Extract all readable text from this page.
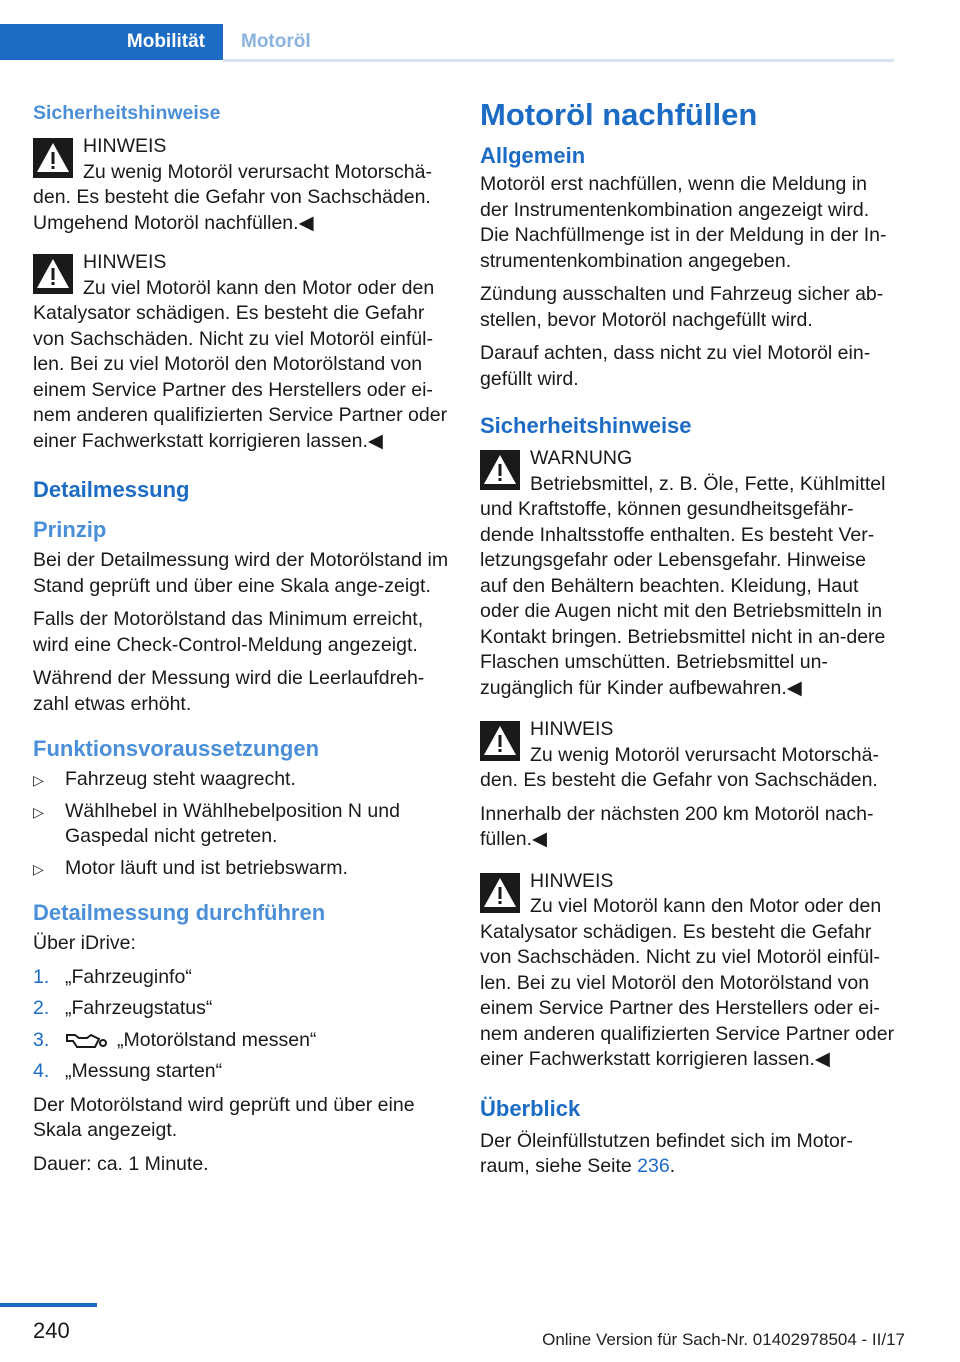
Mobilität	Motoröl
Sicherheitshinweise
HINWEIS
Zu wenig Motoröl verursacht Motorschä-den. Es besteht die Gefahr von Sachschäden. Umgehend Motoröl nachfüllen.◀
HINWEIS
Zu viel Motoröl kann den Motor oder den Katalysator schädigen. Es besteht die Gefahr von Sachschäden. Nicht zu viel Motoröl einfül-len. Bei zu viel Motoröl den Motorölstand von einem Service Partner des Herstellers oder ei-nem anderen qualifizierten Service Partner oder einer Fachwerkstatt korrigieren lassen.◀
Detailmessung
Prinzip

Bei der Detailmessung wird der Motorölstand im Stand geprüft und über eine Skala ange-zeigt.

Falls der Motorölstand das Minimum erreicht, wird eine Check-Control-Meldung angezeigt.

Während der Messung wird die Leerlaufdreh-zahl etwas erhöht.

Funktionsvoraussetzungen
▷ Fahrzeug steht waagrecht.
▷ Wählhebel in Wählhebelposition N und Gaspedal nicht getreten.
▷ Motor läuft und ist betriebswarm.
Detailmessung durchführen

Über iDrive:

1. „Fahrzeuginfo“
2. „Fahrzeugstatus“
3.	„Motorölstand messen“
4. „Messung starten“

Der Motorölstand wird geprüft und über eine Skala angezeigt.

Dauer: ca. 1 Minute.

Motoröl nachfüllen
Allgemein

Motoröl erst nachfüllen, wenn die Meldung in der Instrumentenkombination angezeigt wird. Die Nachfüllmenge ist in der Meldung in der In-strumentenkombination angegeben.

Zündung ausschalten und Fahrzeug sicher ab-stellen, bevor Motoröl nachgefüllt wird.

Darauf achten, dass nicht zu viel Motoröl ein-gefüllt wird.

Sicherheitshinweise
WARNUNG
Betriebsmittel, z. B. Öle, Fette, Kühlmittel und Kraftstoffe, können gesundheitsgefähr-dende Inhaltsstoffe enthalten. Es besteht Ver-letzungsgefahr oder Lebensgefahr. Hinweise auf den Behältern beachten. Kleidung, Haut oder die Augen nicht mit den Betriebsmitteln in Kontakt bringen. Betriebsmittel nicht in an-dere Flaschen umschütten. Betriebsmittel un-zugänglich für Kinder aufbewahren.◀
HINWEIS
Zu wenig Motoröl verursacht Motorschä-den. Es besteht die Gefahr von Sachschäden.

Innerhalb der nächsten 200 km Motoröl nach-füllen.◀

HINWEIS
Zu viel Motoröl kann den Motor oder den Katalysator schädigen. Es besteht die Gefahr von Sachschäden. Nicht zu viel Motoröl einfül-len. Bei zu viel Motoröl den Motorölstand von einem Service Partner des Herstellers oder ei-nem anderen qualifizierten Service Partner oder einer Fachwerkstatt korrigieren lassen.◀
Überblick

Der Öleinfüllstutzen befindet sich im Motor-raum, siehe Seite 236.

240	Online Version für Sach-Nr. 01402978504 - II/17
